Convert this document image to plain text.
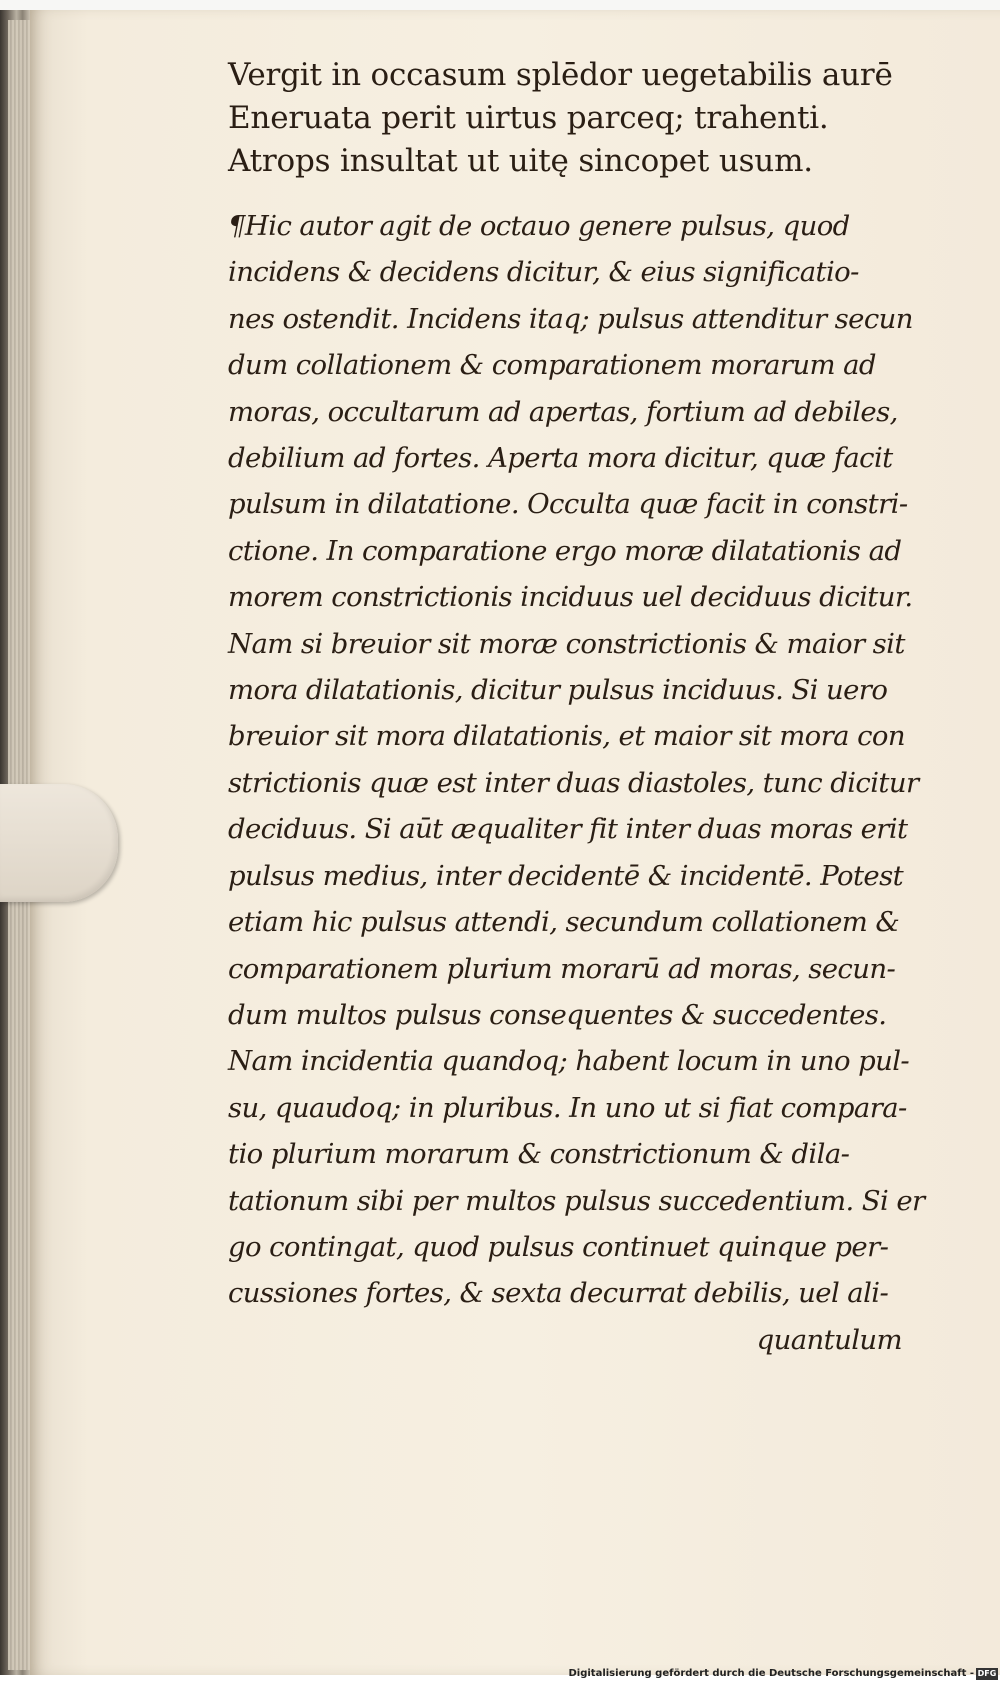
Vergit in occasum splēdor uegetabilis aurē
Eneruata perit uirtus parceq; trahenti.
Atrops insultat ut uitę sincopet usum.
¶Hic autor agit de octauo genere pulsus, quod
incidens & decidens dicitur, & eius significatio-
nes ostendit. Incidens itaq; pulsus attenditur secun
dum collationem & comparationem morarum ad
moras, occultarum ad apertas, fortium ad debiles,
debilium ad fortes. Aperta mora dicitur, quæ facit
pulsum in dilatatione. Occulta quæ facit in constri-
ctione. In comparatione ergo moræ dilatationis ad
morem constrictionis inciduus uel deciduus dicitur.
Nam si breuior sit moræ constrictionis & maior sit
mora dilatationis, dicitur pulsus inciduus. Si uero
breuior sit mora dilatationis, et maior sit mora con
strictionis quæ est inter duas diastoles, tunc dicitur
deciduus. Si aūt æqualiter fit inter duas moras erit
pulsus medius, inter decidentē & incidentē. Potest
etiam hic pulsus attendi, secundum collationem &
comparationem plurium morarū ad moras, secun-
dum multos pulsus consequentes & succedentes.
Nam incidentia quandoq; habent locum in uno pul-
su, quaudoq; in pluribus. In uno ut si fiat compara-
tio plurium morarum & constrictionum & dila-
tationum sibi per multos pulsus succedentium. Si er
go contingat, quod pulsus continuet quinque per-
cussiones fortes, & sexta decurrat debilis, uel ali-
quantulum
Digitalisierung gefördert durch die Deutsche Forschungsgemeinschaft - DFG
